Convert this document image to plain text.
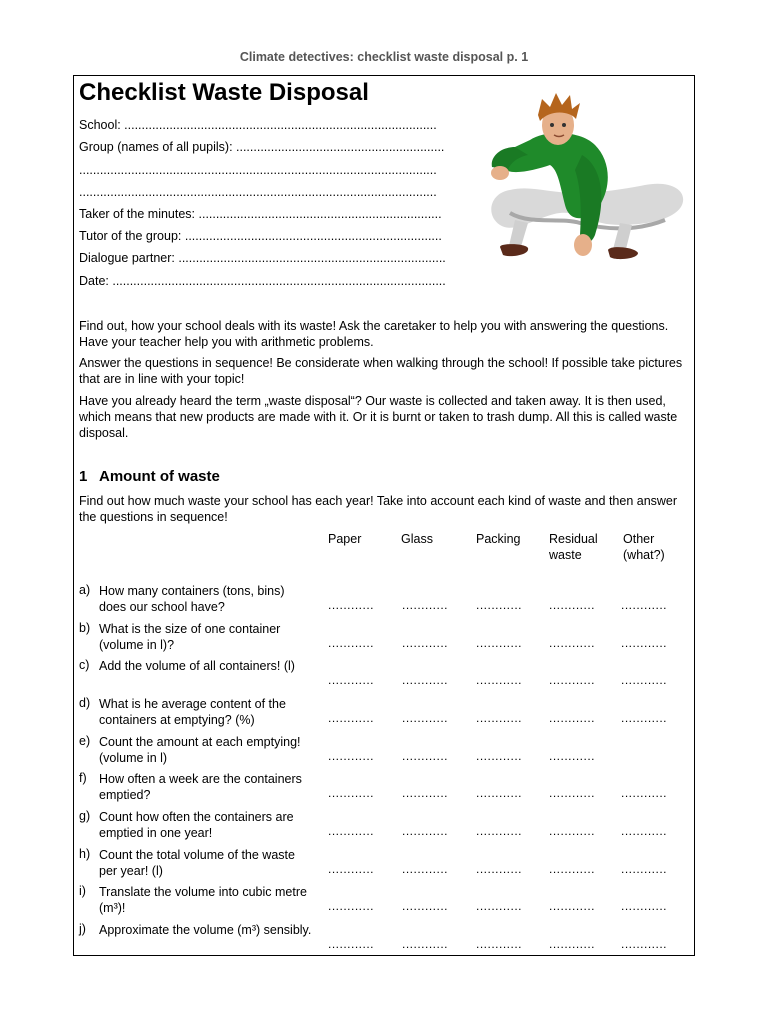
Climate detectives: checklist waste disposal p. 1
Checklist Waste Disposal
School: ..........................................................................................
Group (names of all pupils): ............................................................
.......................................................................................................
.......................................................................................................
Taker of the minutes: ......................................................................
Tutor of the group: ..........................................................................
Dialogue partner: .............................................................................
Date: ................................................................................................

Find out, how your school deals with its waste! Ask the caretaker to help you with answering the questions. Have your teacher help you with arithmetic problems.

Answer the questions in sequence! Be considerate when walking through the school! If possible take pictures that are in line with your topic!

Have you already heard the term „waste disposal“? Our waste is collected and taken away. It is then used, which means that new products are made with it. Or it is burnt or taken to trash dump. All this is called waste disposal.

1 Amount of waste

Find out how much waste your school has each year! Take into account each kind of waste and then answer the questions in sequence!

Paper	Glass	Packing	Residual waste
Other (what?)
a) How many containers (tons, bins) does our school have?	............ ............ ............ ............ ............
b) What is the size of one container (volume in l)?	............ ............ ............ ............ ............
c) Add the volume of all containers! (l)
............ ............ ............ ............ ............
d) What is he average content of the containers at emptying? (%)	............ ............ ............ ............ ............
e) Count the amount at each emptying! (volume in l)	............ ............ ............ ............
f) How often a week are the containers emptied?	............ ............ ............ ............ ............
g) Count how often the containers are emptied in one year!	............ ............ ............ ............ ............
h) Count the total volume of the waste per year! (l)	............ ............ ............ ............ ............
i) Translate the volume into cubic metre (m³)!	............ ............ ............ ............ ............
j) Approximate the volume (m³) sensibly.
............ ............ ............ ............ ............
